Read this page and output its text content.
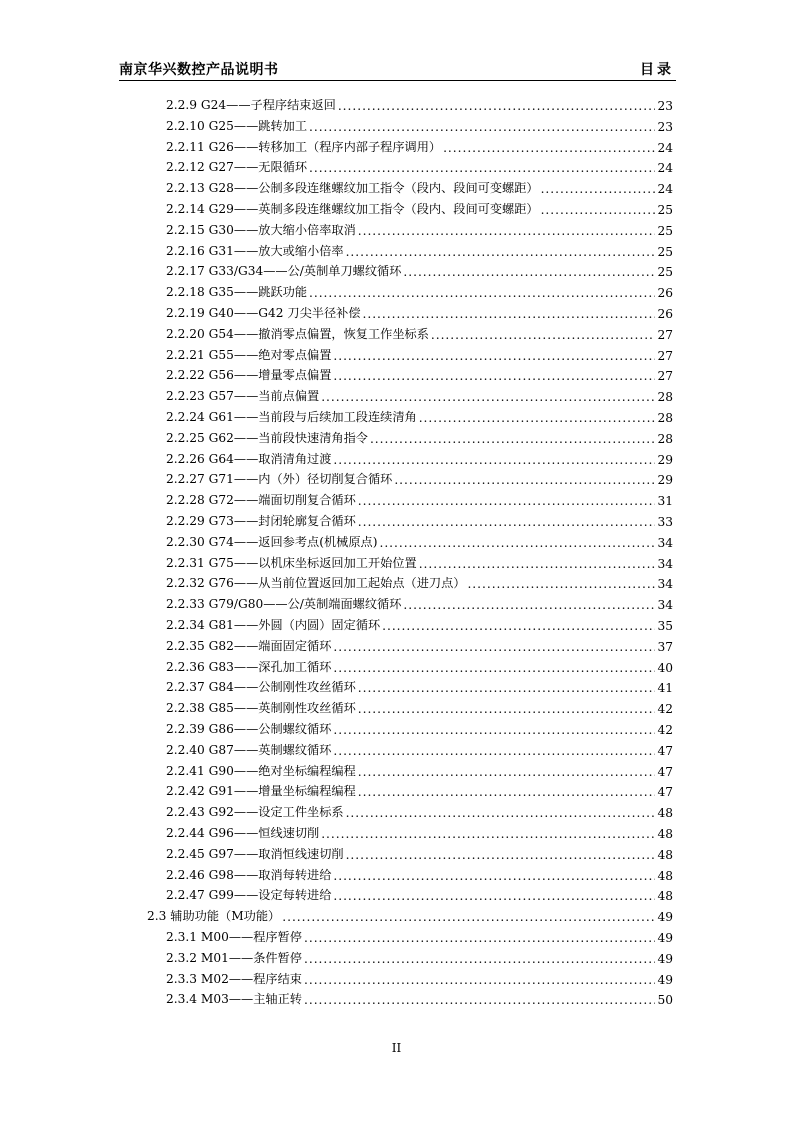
南京华兴数控产品说明书	目录
2.2.9 G24——子程序结束返回 . . .	23
2.2.10 G25——跳转加工 . . .	23
2.2.11 G26——转移加工（程序内部子程序调用） . . .	24
2.2.12 G27——无限循环 . . .	24
2.2.13 G28——公制多段连继螺纹加工指令（段内、段间可变螺距） . . .	24
2.2.14 G29——英制多段连继螺纹加工指令（段内、段间可变螺距） . . .	25
2.2.15 G30——放大缩小倍率取消 . . .	25
2.2.16 G31——放大或缩小倍率 . . .	25
2.2.17 G33/G34——公/英制单刀螺纹循环 . . .	25
2.2.18 G35——跳跃功能 . . .	26
2.2.19 G40——G42 刀尖半径补偿 . . .	26
2.2.20 G54——撤消零点偏置，恢复工作坐标系 . . .	27
2.2.21 G55——绝对零点偏置 . . .	27
2.2.22 G56——增量零点偏置 . . .	27
2.2.23 G57——当前点偏置 . . .	28
2.2.24 G61——当前段与后续加工段连续清角 . . .	28
2.2.25 G62——当前段快速清角指令 . . .	28
2.2.26 G64——取消清角过渡 . . .	29
2.2.27 G71——内（外）径切削复合循环 . . .	29
2.2.28 G72——端面切削复合循环 . . .	31
2.2.29 G73——封闭轮廓复合循环 . . .	33
2.2.30 G74——返回参考点(机械原点) . . .	34
2.2.31 G75——以机床坐标返回加工开始位置 . . .	34
2.2.32 G76——从当前位置返回加工起始点（进刀点） . . .	34
2.2.33 G79/G80——公/英制端面螺纹循环 . . .	34
2.2.34 G81——外圆（内圆）固定循环 . . .	35
2.2.35 G82——端面固定循环 . . .	37
2.2.36 G83——深孔加工循环 . . .	40
2.2.37 G84——公制刚性攻丝循环 . . .	41
2.2.38 G85——英制刚性攻丝循环 . . .	42
2.2.39 G86——公制螺纹循环 . . .	42
2.2.40 G87——英制螺纹循环 . . .	47
2.2.41 G90——绝对坐标编程编程 . . .	47
2.2.42 G91——增量坐标编程编程 . . .	47
2.2.43 G92——设定工件坐标系 . . .	48
2.2.44 G96——恒线速切削 . . .	48
2.2.45 G97——取消恒线速切削 . . .	48
2.2.46 G98——取消每转进给 . . .	48
2.2.47 G99——设定每转进给 . . .	48
2.3 辅助功能（M功能） . . .	49
2.3.1 M00——程序暂停 . . .	49
2.3.2 M01——条件暂停 . . .	49
2.3.3 M02——程序结束 . . .	49
2.3.4 M03——主轴正转 . . .	50
II
